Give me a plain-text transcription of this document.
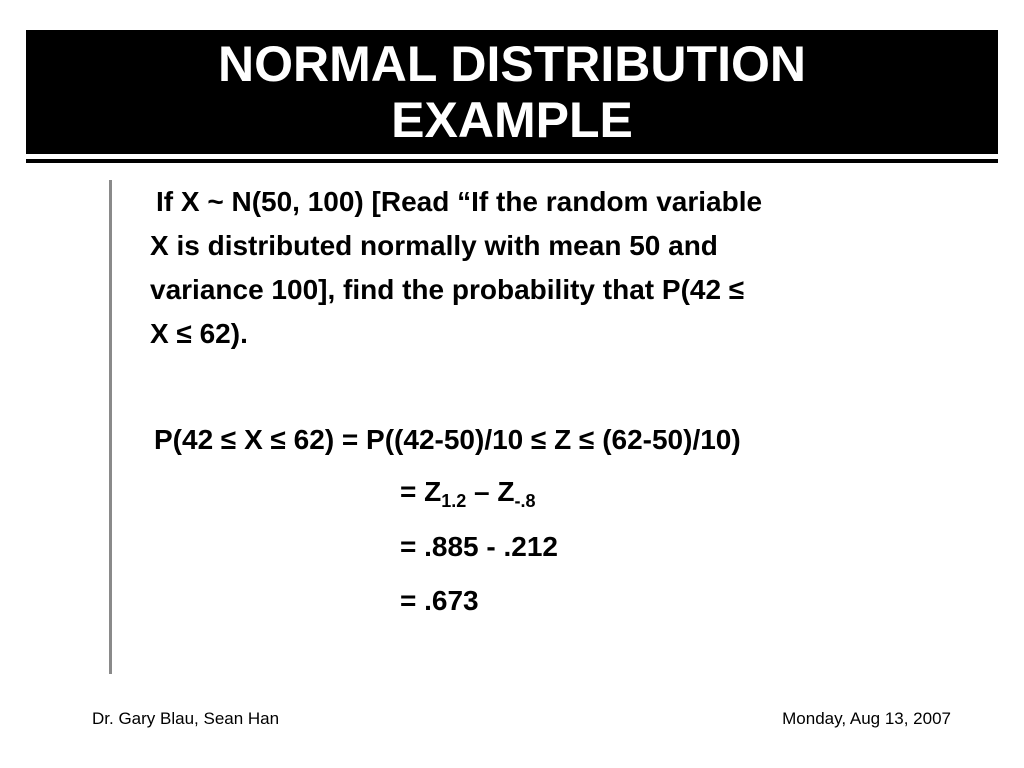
NORMAL DISTRIBUTION
EXAMPLE

If X ~ N(50, 100) [Read “If the random variable
X is distributed normally with mean 50 and
variance 100], find the probability that P(42 ≤
X ≤ 62).

P(42 ≤ X ≤ 62) = P((42-50)/10 ≤ Z ≤ (62-50)/10)
= $Z_{1.2} - Z_{-.8}$
= .885 - .212
= .673
Dr. Gary Blau, Sean Han	Monday, Aug 13, 2007
